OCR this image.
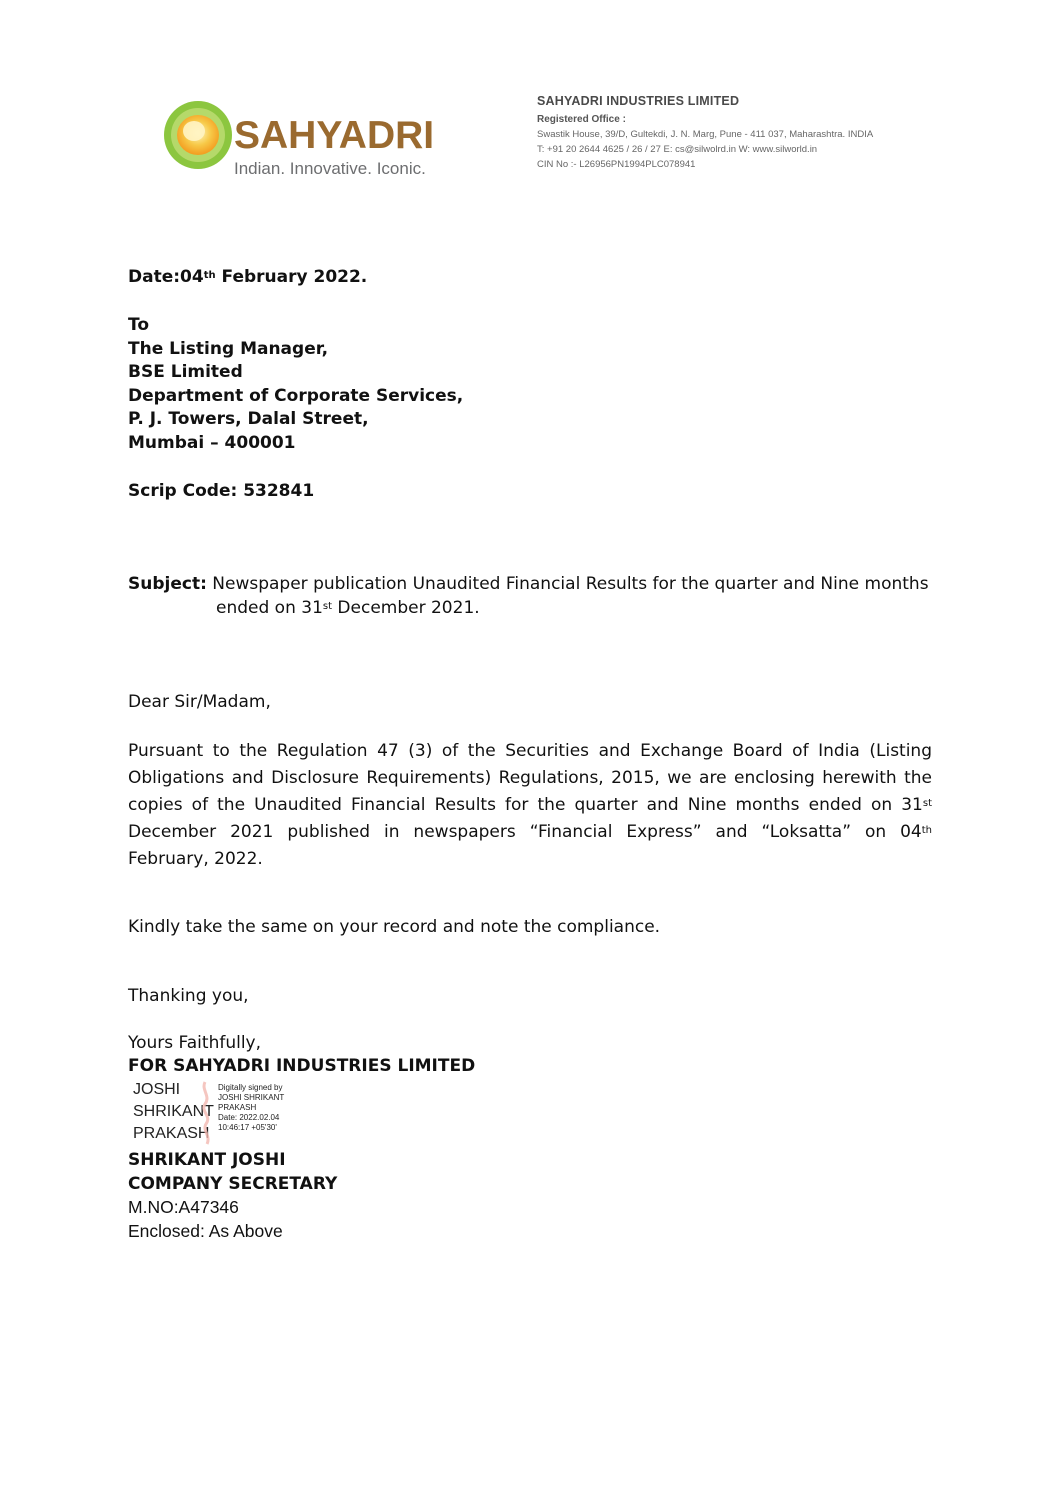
SAHYADRI
Indian. Innovative. Iconic.
SAHYADRI INDUSTRIES LIMITED
Registered Office :
Swastik House, 39/D, Gultekdi, J. N. Marg, Pune - 411 037, Maharashtra. INDIA
T: +91 20 2644 4625 / 26 / 27 E: cs@silwolrd.in W: www.silworld.in
CIN No :- L26956PN1994PLC078941
Date:04th February 2022.
To
The Listing Manager,
BSE Limited
Department of Corporate Services,
P. J. Towers, Dalal Street,
Mumbai – 400001
Scrip Code: 532841
Subject: Newspaper publication Unaudited Financial Results for the quarter and Nine months
ended on 31st December 2021.
Dear Sir/Madam,
Pursuant to the Regulation 47 (3) of the Securities and Exchange Board of India (Listing Obligations and Disclosure Requirements) Regulations, 2015, we are enclosing herewith the copies of the Unaudited Financial Results for the quarter and Nine months ended on 31st December 2021 published in newspapers “Financial Express” and “Loksatta” on 04th February, 2022.
Kindly take the same on your record and note the compliance.
Thanking you,
Yours Faithfully,
FOR SAHYADRI INDUSTRIES LIMITED
JOSHI
SHRIKANT
PRAKASH
Digitally signed by
JOSHI SHRIKANT
PRAKASH
Date: 2022.02.04
10:46:17 +05'30'
SHRIKANT JOSHI
COMPANY SECRETARY
M.NO:A47346
Enclosed: As Above
